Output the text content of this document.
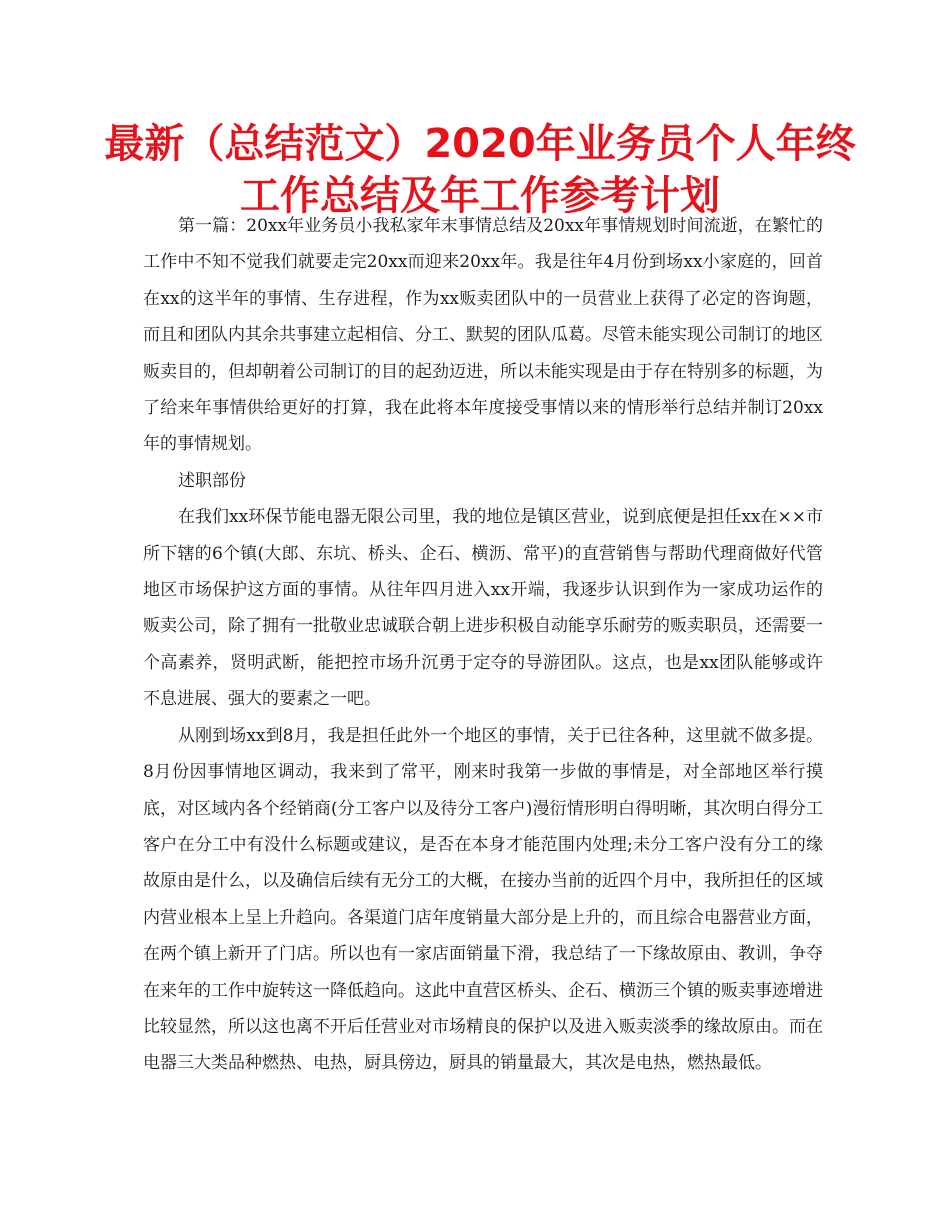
最新（总结范文）2020年业务员个人年终工作总结及年工作参考计划

第一篇：20xx年业务员小我私家年末事情总结及20xx年事情规划时间流逝，在繁忙的工作中不知不觉我们就要走完20xx而迎来20xx年。我是往年4月份到场xx小家庭的，回首在xx的这半年的事情、生存进程，作为xx贩卖团队中的一员营业上获得了必定的咨询题，而且和团队内其余共事建立起相信、分工、默契的团队瓜葛。尽管未能实现公司制订的地区贩卖目的，但却朝着公司制订的目的起劲迈进，所以未能实现是由于存在特别多的标题，为了给来年事情供给更好的打算，我在此将本年度接受事情以来的情形举行总结并制订20xx年的事情规划。

述职部份

在我们xx环保节能电器无限公司里，我的地位是镇区营业，说到底便是担任xx在××市所下辖的6个镇(大郎、东坑、桥头、企石、横沥、常平)的直营销售与帮助代理商做好代管地区市场保护这方面的事情。从往年四月进入xx开端，我逐步认识到作为一家成功运作的贩卖公司，除了拥有一批敬业忠诚联合朝上进步积极自动能享乐耐劳的贩卖职员，还需要一个高素养，贤明武断，能把控市场升沉勇于定夺的导游团队。这点，也是xx团队能够或许不息进展、强大的要素之一吧。

从刚到场xx到8月，我是担任此外一个地区的事情，关于已往各种，这里就不做多提。8月份因事情地区调动，我来到了常平，刚来时我第一步做的事情是，对全部地区举行摸底，对区域内各个经销商(分工客户以及待分工客户)漫衍情形明白得明晰，其次明白得分工客户在分工中有没什么标题或建议，是否在本身才能范围内处理;未分工客户没有分工的缘故原由是什么，以及确信后续有无分工的大概，在接办当前的近四个月中，我所担任的区域内营业根本上呈上升趋向。各渠道门店年度销量大部分是上升的，而且综合电器营业方面，在两个镇上新开了门店。所以也有一家店面销量下滑，我总结了一下缘故原由、教训，争夺在来年的工作中旋转这一降低趋向。这此中直营区桥头、企石、横沥三个镇的贩卖事迹增进比较显然，所以这也离不开后任营业对市场精良的保护以及进入贩卖淡季的缘故原由。而在电器三大类品种燃热、电热，厨具傍边，厨具的销量最大，其次是电热，燃热最低。
